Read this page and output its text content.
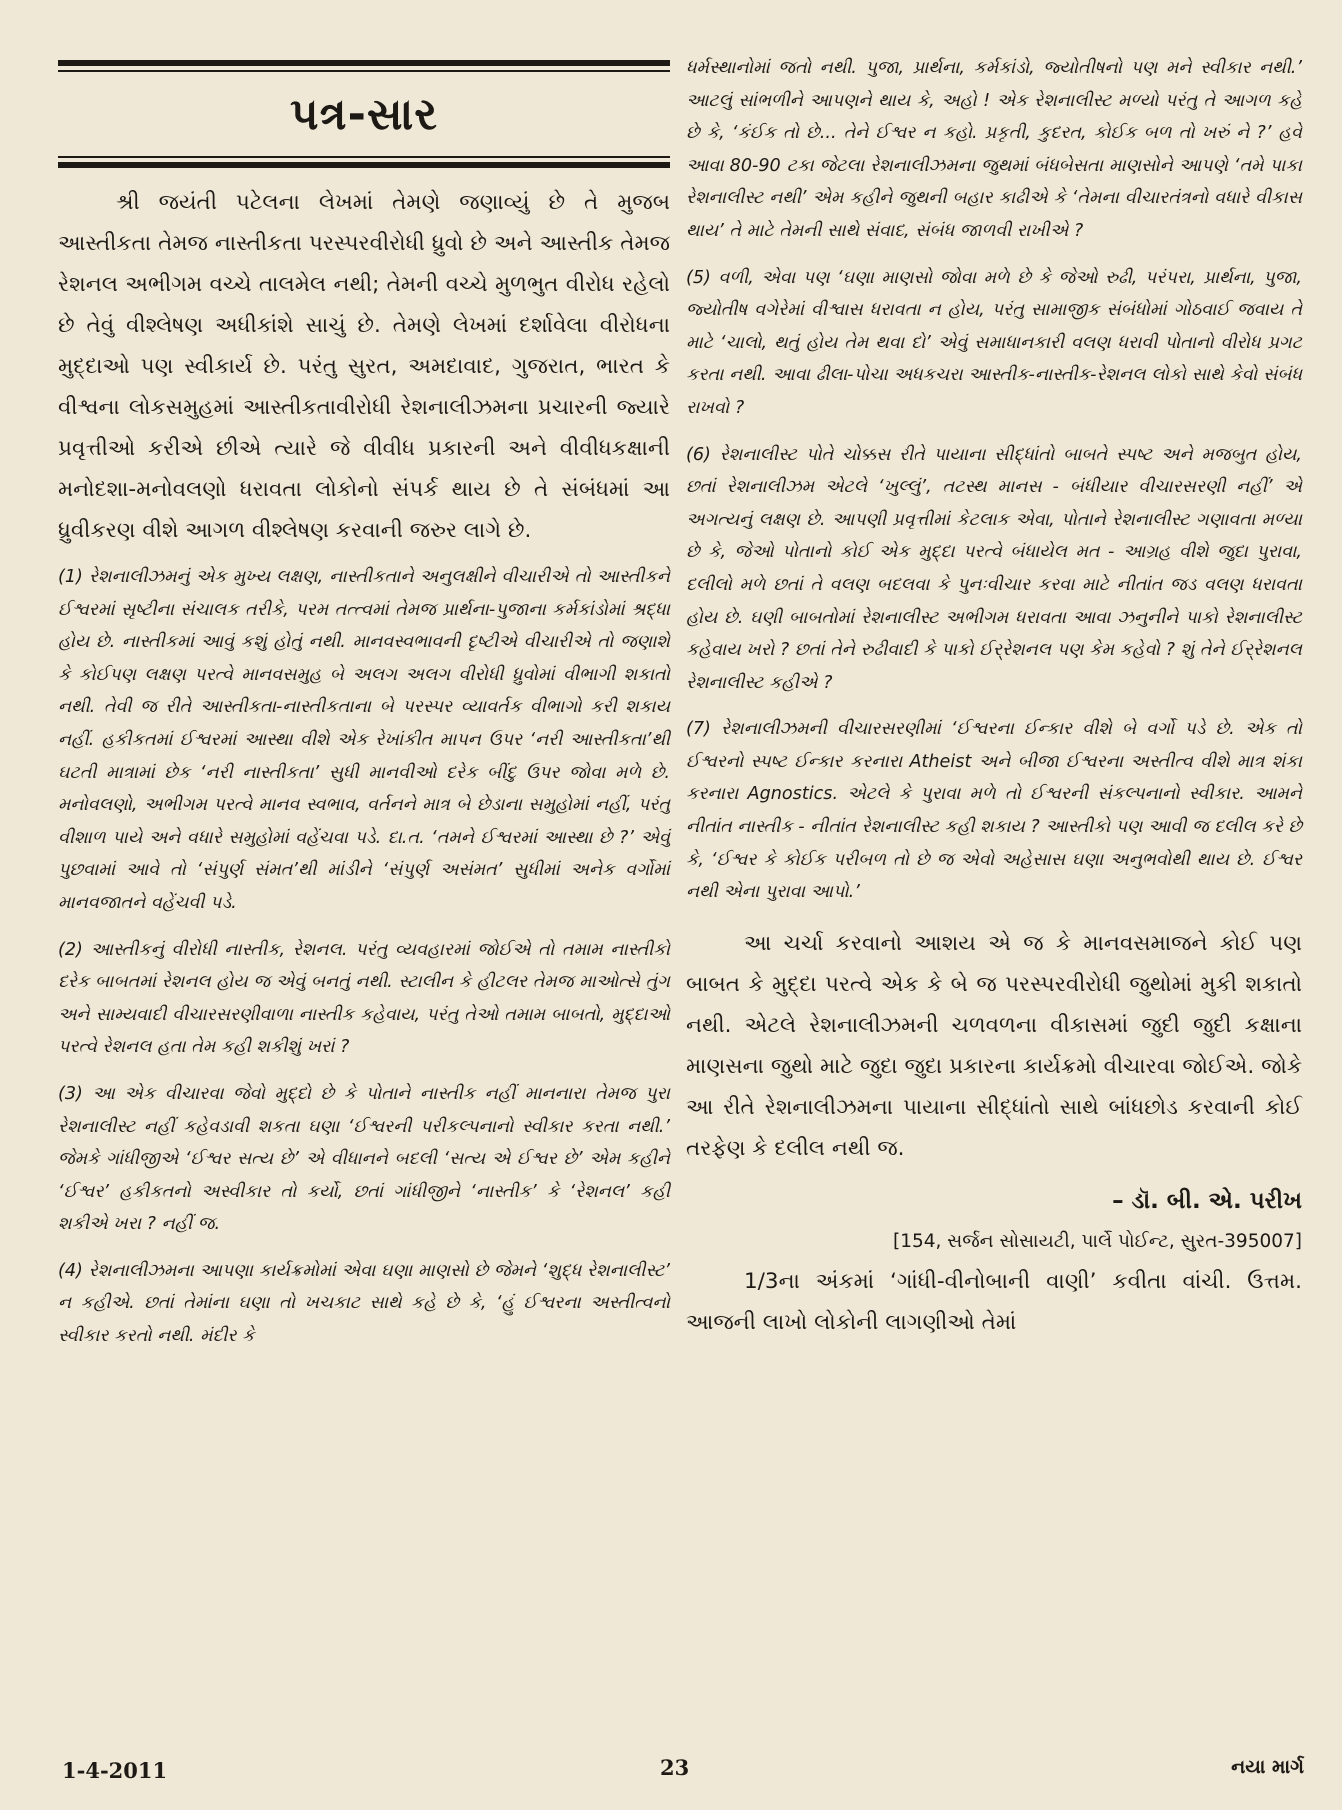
પત્ર-સાર

શ્રી જયંતી પટેલના લેખમાં તેમણે જણાવ્યું છે તે મુજબ આસ્તીકતા તેમજ નાસ્તીકતા પરસ્પરવીરોધી ધ્રુવો છે અને આસ્તીક તેમજ રેશનલ અભીગમ વચ્ચે તાલમેલ નથી; તેમની વચ્ચે મુળભુત વીરોધ રહેલો છે તેવું વીશ્લેષણ અધીકાંશે સાચું છે. તેમણે લેખમાં દર્શાવેલા વીરોધના મુદ્દાઓ પણ સ્વીકાર્ય છે. પરંતુ સુરત, અમદાવાદ, ગુજરાત, ભારત કે વીશ્વના લોકસમુહમાં આસ્તીકતાવીરોધી રેશનાલીઝમના પ્રચારની જ્યારે પ્રવૃત્તીઓ કરીએ છીએ ત્યારે જે વીવીધ પ્રકારની અને વીવીધકક્ષાની મનોદશા-મનોવલણો ધરાવતા લોકોનો સંપર્ક થાય છે તે સંબંધમાં આ ધ્રુવીકરણ વીશે આગળ વીશ્લેષણ કરવાની જરુર લાગે છે.

(1) રેશનાલીઝમનું એક મુખ્ય લક્ષણ, નાસ્તીકતાને અનુલક્ષીને વીચારીએ તો આસ્તીકને ઈશ્વરમાં સૃષ્ટીના સંચાલક તરીકે, પરમ તત્ત્વમાં તેમજ પ્રાર્થના-પુજાના કર્મકાંડોમાં શ્રદ્ધા હોય છે. નાસ્તીકમાં આવું કશું હોતું નથી. માનવસ્વભાવની દૃષ્ટીએ વીચારીએ તો જણાશે કે કોઈપણ લક્ષણ પરત્વે માનવસમુહ બે અલગ અલગ વીરોધી ધ્રુવોમાં વીભાગી શકાતો નથી. તેવી જ રીતે આસ્તીકતા-નાસ્તીકતાના બે પરસ્પર વ્યાવર્તક વીભાગો કરી શકાય નહીં. હકીકતમાં ઈશ્વરમાં આસ્થા વીશે એક રેખાંકીત માપન ઉપર ‘નરી આસ્તીકતા’થી ઘટતી માત્રામાં છેક ‘નરી નાસ્તીકતા’ સુધી માનવીઓ દરેક બીંદુ ઉપર જોવા મળે છે. મનોવલણો, અભીગમ પરત્વે માનવ સ્વભાવ, વર્તનને માત્ર બે છેડાના સમુહોમાં નહીં, પરંતુ વીશાળ પાયે અને વધારે સમુહોમાં વહેંચવા પડે. દા.ત. ‘તમને ઈશ્વરમાં આસ્થા છે ?’ એવું પુછવામાં આવે તો ‘સંપુર્ણ સંમત’થી માંડીને ‘સંપુર્ણ અસંમત’ સુધીમાં અનેક વર્ગોમાં માનવજાતને વહેંચવી પડે.

(2) આસ્તીકનું વીરોધી નાસ્તીક, રેશનલ. પરંતુ વ્યવહારમાં જોઈએ તો તમામ નાસ્તીકો દરેક બાબતમાં રેશનલ હોય જ એવું બનતું નથી. સ્ટાલીન કે હીટલર તેમજ માઓત્સે તુંગ અને સામ્યવાદી વીચારસરણીવાળા નાસ્તીક કહેવાય, પરંતુ તેઓ તમામ બાબતો, મુદ્દાઓ પરત્વે રેશનલ હતા તેમ કહી શકીશું ખરાં ?

(3) આ એક વીચારવા જેવો મુદ્દો છે કે પોતાને નાસ્તીક નહીં માનનારા તેમજ પુરા રેશનાલીસ્ટ નહીં કહેવડાવી શકતા ઘણા ‘ઈશ્વરની પરીકલ્પનાનો સ્વીકાર કરતા નથી.’ જેમકે ગાંધીજીએ ‘ઈશ્વર સત્ય છે’ એ વીધાનને બદલી ‘સત્ય એ ઈશ્વર છે’ એમ કહીને ‘ઈશ્વર’ હકીકતનો અસ્વીકાર તો કર્યો, છતાં ગાંધીજીને ‘નાસ્તીક’ કે ‘રેશનલ’ કહી શકીએ ખરા ? નહીં જ.

(4) રેશનાલીઝમના આપણા કાર્યક્રમોમાં એવા ઘણા માણસો છે જેમને ‘શુદ્ધ રેશનાલીસ્ટ’ ન કહીએ. છતાં તેમાંના ઘણા તો ખચકાટ સાથે કહે છે કે, ‘હું ઈશ્વરના અસ્તીત્વનો સ્વીકાર કરતો નથી. મંદીર કે

ધર્મસ્થાનોમાં જતો નથી. પુજા, પ્રાર્થના, કર્મકાંડો, જ્યોતીષનો પણ મને સ્વીકાર નથી.’ આટલું સાંભળીને આપણને થાય કે, અહો ! એક રેશનાલીસ્ટ મળ્યો પરંતુ તે આગળ કહે છે કે, ‘કંઈક તો છે... તેને ઈશ્વર ન કહો. પ્રકૃતી, કુદરત, કોઈક બળ તો ખરું ને ?’ હવે આવા 80-90 ટકા જેટલા રેશનાલીઝમના જુથમાં બંધબેસતા માણસોને આપણે ‘તમે પાકા રેશનાલીસ્ટ નથી’ એમ કહીને જુથની બહાર કાઢીએ કે ‘તેમના વીચારતંત્રનો વધારે વીકાસ થાય’ તે માટે તેમની સાથે સંવાદ, સંબંધ જાળવી રાખીએ ?

(5) વળી, એવા પણ ‘ઘણા માણસો જોવા મળે છે કે જેઓ રુઢી, પરંપરા, પ્રાર્થના, પુજા, જ્યોતીષ વગેરેમાં વીશ્વાસ ધરાવતા ન હોય, પરંતુ સામાજીક સંબંધોમાં ગોઠવાઈ જવાય તે માટે ‘ચાલો, થતું હોય તેમ થવા દો’ એવું સમાધાનકારી વલણ ધરાવી પોતાનો વીરોધ પ્રગટ કરતા નથી. આવા ઢીલા-પોચા અધકચરા આસ્તીક-નાસ્તીક-રેશનલ લોકો સાથે કેવો સંબંધ રાખવો ?

(6) રેશનાલીસ્ટ પોતે ચોક્કસ રીતે પાયાના સીદ્ધાંતો બાબતે સ્પષ્ટ અને મજબુત હોય, છતાં રેશનાલીઝમ એટલે ‘ખુલ્લું’, તટસ્થ માનસ - બંધીયાર વીચારસરણી નહીં’ એ અગત્યનું લક્ષણ છે. આપણી પ્રવૃત્તીમાં કેટલાક એવા, પોતાને રેશનાલીસ્ટ ગણાવતા મળ્યા છે કે, જેઓ પોતાનો કોઈ એક મુદ્દા પરત્વે બંધાયેલ મત - આગ્રહ વીશે જુદા પુરાવા, દલીલો મળે છતાં તે વલણ બદલવા કે પુનઃવીચાર કરવા માટે નીતાંત જડ વલણ ધરાવતા હોય છે. ઘણી બાબતોમાં રેશનાલીસ્ટ અભીગમ ધરાવતા આવા ઝનુનીને પાકો રેશનાલીસ્ટ કહેવાય ખરો ? છતાં તેને રુઢીવાદી કે પાકો ઈર્‌રેશનલ પણ કેમ કહેવો ? શું તેને ઈર્‌રેશનલ રેશનાલીસ્ટ કહીએ ?

(7) રેશનાલીઝમની વીચારસરણીમાં ‘ઈશ્વરના ઈન્કાર વીશે બે વર્ગો પડે છે. એક તો ઈશ્વરનો સ્પષ્ટ ઈન્કાર કરનારા Atheist અને બીજા ઈશ્વરના અસ્તીત્વ વીશે માત્ર શંકા કરનારા Agnostics. એટલે કે પુરાવા મળે તો ઈશ્વરની સંકલ્પનાનો સ્વીકાર. આમને નીતાંત નાસ્તીક - નીતાંત રેશનાલીસ્ટ કહી શકાય ? આસ્તીકો પણ આવી જ દલીલ કરે છે કે, ‘ઈશ્વર કે કોઈક પરીબળ તો છે જ એવો અહેસાસ ઘણા અનુભવોથી થાય છે. ઈશ્વર નથી એના પુરાવા આપો.’

આ ચર્ચા કરવાનો આશય એ જ કે માનવસમાજને કોઈ પણ બાબત કે મુદ્દા પરત્વે એક કે બે જ પરસ્પરવીરોધી જુથોમાં મુકી શકાતો નથી. એટલે રેશનાલીઝમની ચળવળના વીકાસમાં જુદી જુદી કક્ષાના માણસના જુથો માટે જુદા જુદા પ્રકારના કાર્યક્રમો વીચારવા જોઈએ. જોકે આ રીતે રેશનાલીઝમના પાયાના સીદ્ધાંતો સાથે બાંધછોડ કરવાની કોઈ તરફેણ કે દલીલ નથી જ.

– ડૉ. બી. એ. પરીખ
[154, સર્જન સોસાયટી, પાર્લે પોઈન્ટ, સુરત-395007]

1/3ના અંકમાં ‘ગાંધી-વીનોબાની વાણી’ કવીતા વાંચી. ઉત્તમ. આજની લાખો લોકોની લાગણીઓ તેમાં

1-4-2011	23	નયા માર્ગ
